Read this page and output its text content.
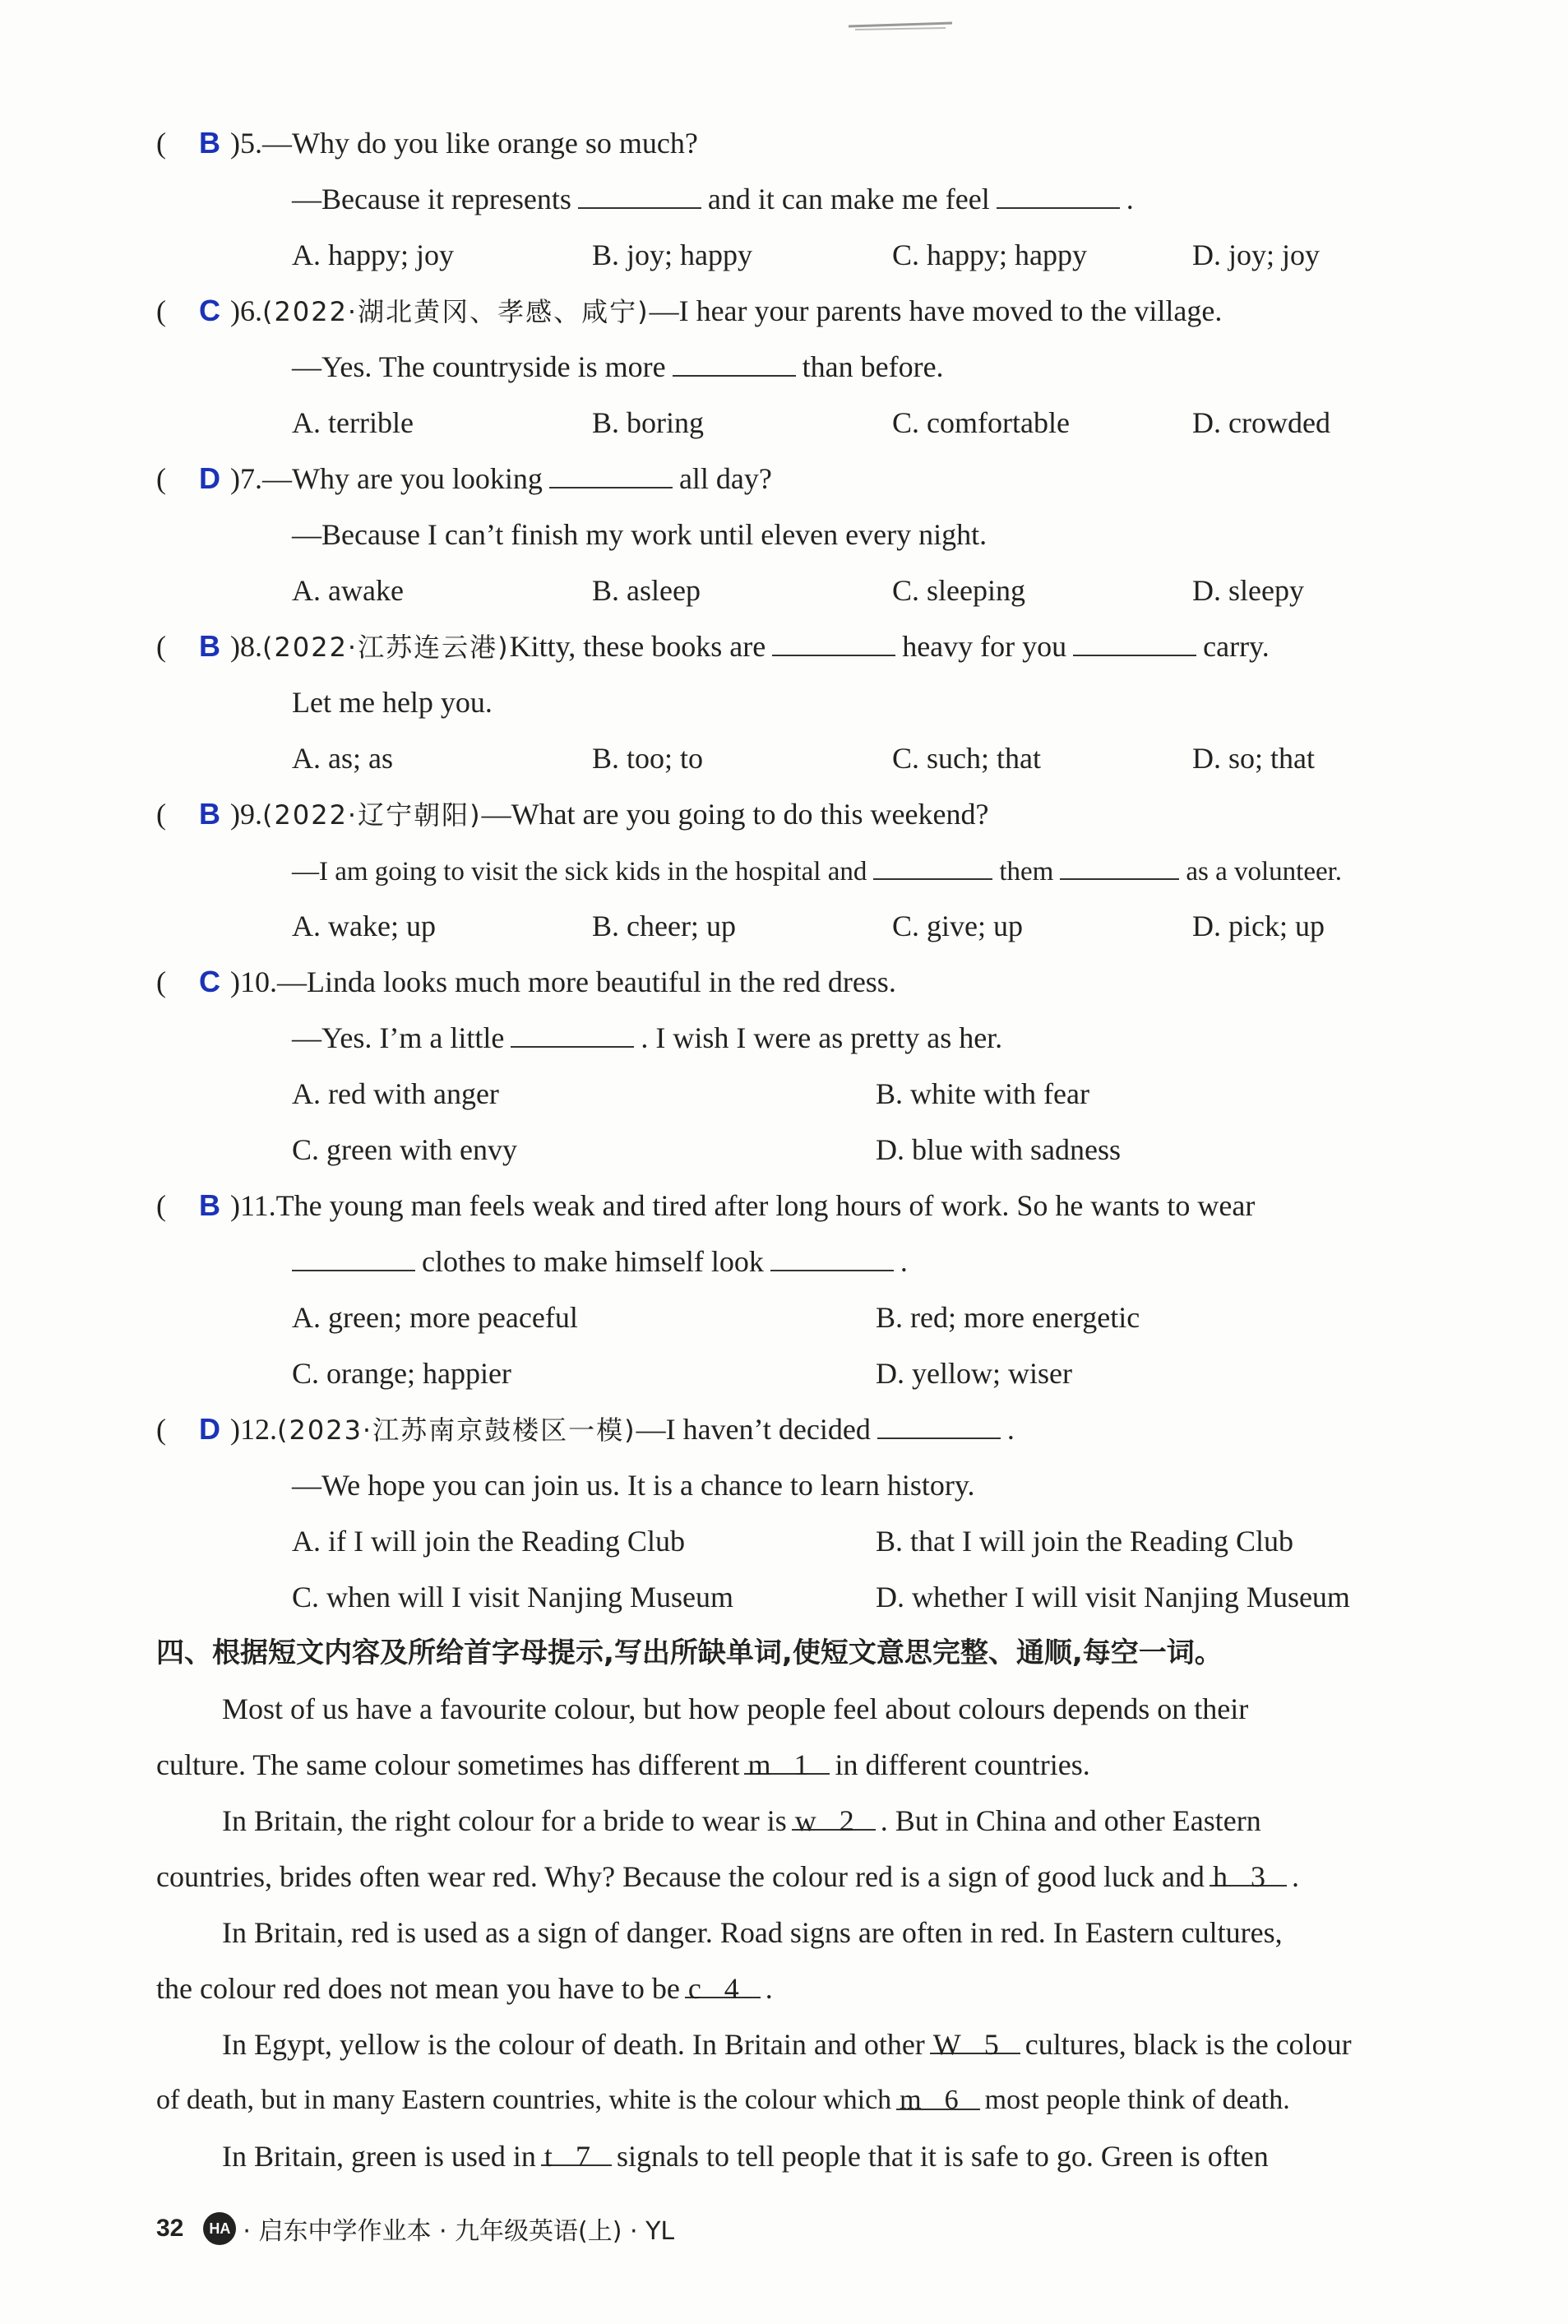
(	B )5. —Why do you like orange so much?
—Because it represents	and it can make me feel	.
A. happy; joy	B. joy; happy	C. happy; happy	D. joy; joy
(	C )6. (2022·湖北黄冈、孝感、咸宁) —I hear your parents have moved to the village.
—Yes. The countryside is more	than before.
A. terrible	B. boring	C. comfortable	D. crowded
(	D )7. —Why are you looking	all day?
—Because I can’t finish my work until eleven every night.
A. awake	B. asleep	C. sleeping	D. sleepy
(	B )8. (2022·江苏连云港) Kitty, these books are	heavy for you	carry.
Let me help you.
A. as; as	B. too; to	C. such; that	D. so; that
(	B )9. (2022·辽宁朝阳) —What are you going to do this weekend?
—I am going to visit the sick kids in the hospital and	them	as a volunteer.
A. wake; up	B. cheer; up	C. give; up	D. pick; up
(	C )10. —Linda looks much more beautiful in the red dress.
—Yes. I’m a little	. I wish I were as pretty as her.
A. red with anger	B. white with fear
C. green with envy	D. blue with sadness
(	B )11. The young man feels weak and tired after long hours of work. So he wants to wear
clothes to make himself look	.
A. green; more peaceful	B. red; more energetic
C. orange; happier	D. yellow; wiser
(	D )12. (2023·江苏南京鼓楼区一模) —I haven’t decided	.
—We hope you can join us. It is a chance to learn history.
A. if I will join the Reading Club	B. that I will join the Reading Club
C. when will I visit Nanjing Museum	D. whether I will visit Nanjing Museum
四、根据短文内容及所给首字母提示,写出所缺单词,使短文意思完整、通顺,每空一词。
Most of us have a favourite colour, but how people feel about colours depends on their
culture. The same colour sometimes has different m 1 in different countries.
In Britain, the right colour for a bride to wear is w 2 . But in China and other Eastern
countries, brides often wear red. Why? Because the colour red is a sign of good luck and h 3 .
In Britain, red is used as a sign of danger. Road signs are often in red. In Eastern cultures,
the colour red does not mean you have to be c 4 .
In Egypt, yellow is the colour of death. In Britain and other W 5 cultures, black is the colour
of death, but in many Eastern countries, white is the colour which m 6 most people think of death.
In Britain, green is used in t 7 signals to tell people that it is safe to go. Green is often
32	HA · 启东中学作业本 · 九年级英语(上) · YL
